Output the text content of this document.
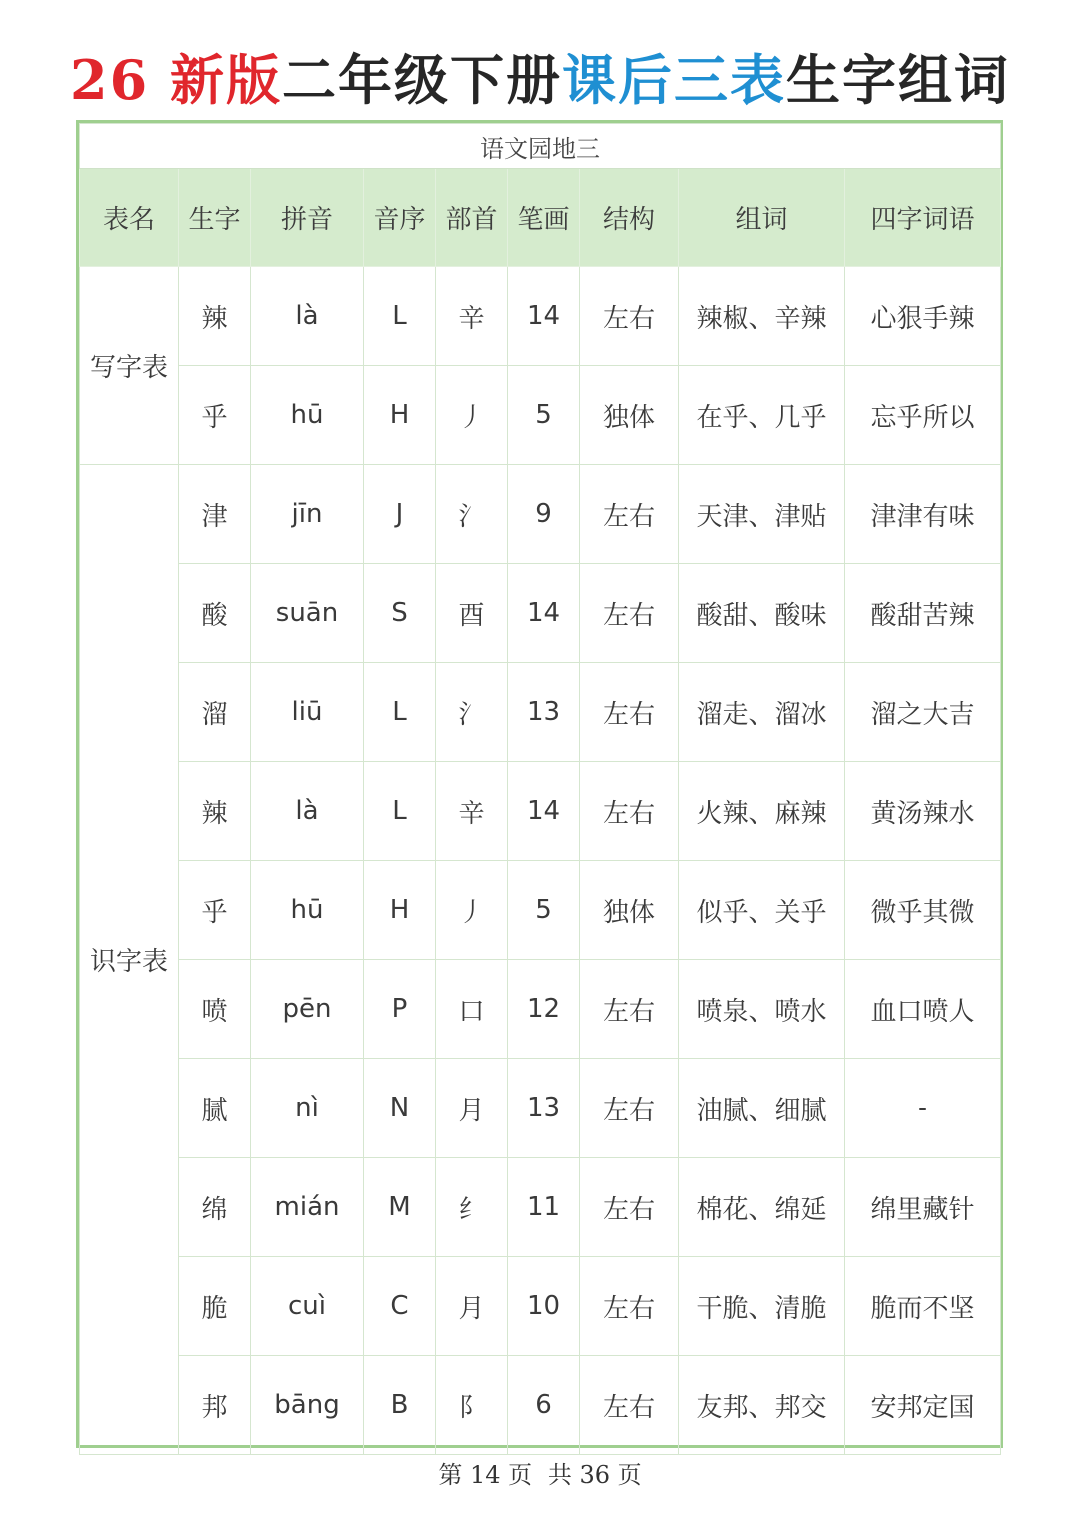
26 新版二年级下册课后三表生字组词
语文园地三								
表名	生字	拼音	音序	部首	笔画	结构	组词	四字词语
写字表	辣	là	L	辛	14	左右	辣椒、辛辣	心狠手辣
	乎	hū	H	丿	5	独体	在乎、几乎	忘乎所以
识字表	津	jīn	J	氵	9	左右	天津、津贴	津津有味
	酸	suān	S	酉	14	左右	酸甜、酸味	酸甜苦辣
	溜	liū	L	氵	13	左右	溜走、溜冰	溜之大吉
	辣	là	L	辛	14	左右	火辣、麻辣	黄汤辣水
	乎	hū	H	丿	5	独体	似乎、关乎	微乎其微
	喷	pēn	P	口	12	左右	喷泉、喷水	血口喷人
	腻	nì	N	月	13	左右	油腻、细腻	-
	绵	mián	M	纟	11	左右	棉花、绵延	绵里藏针
	脆	cuì	C	月	10	左右	干脆、清脆	脆而不坚
	邦	bāng	B	阝	6	左右	友邦、邦交	安邦定国
第 14 页 共 36 页
